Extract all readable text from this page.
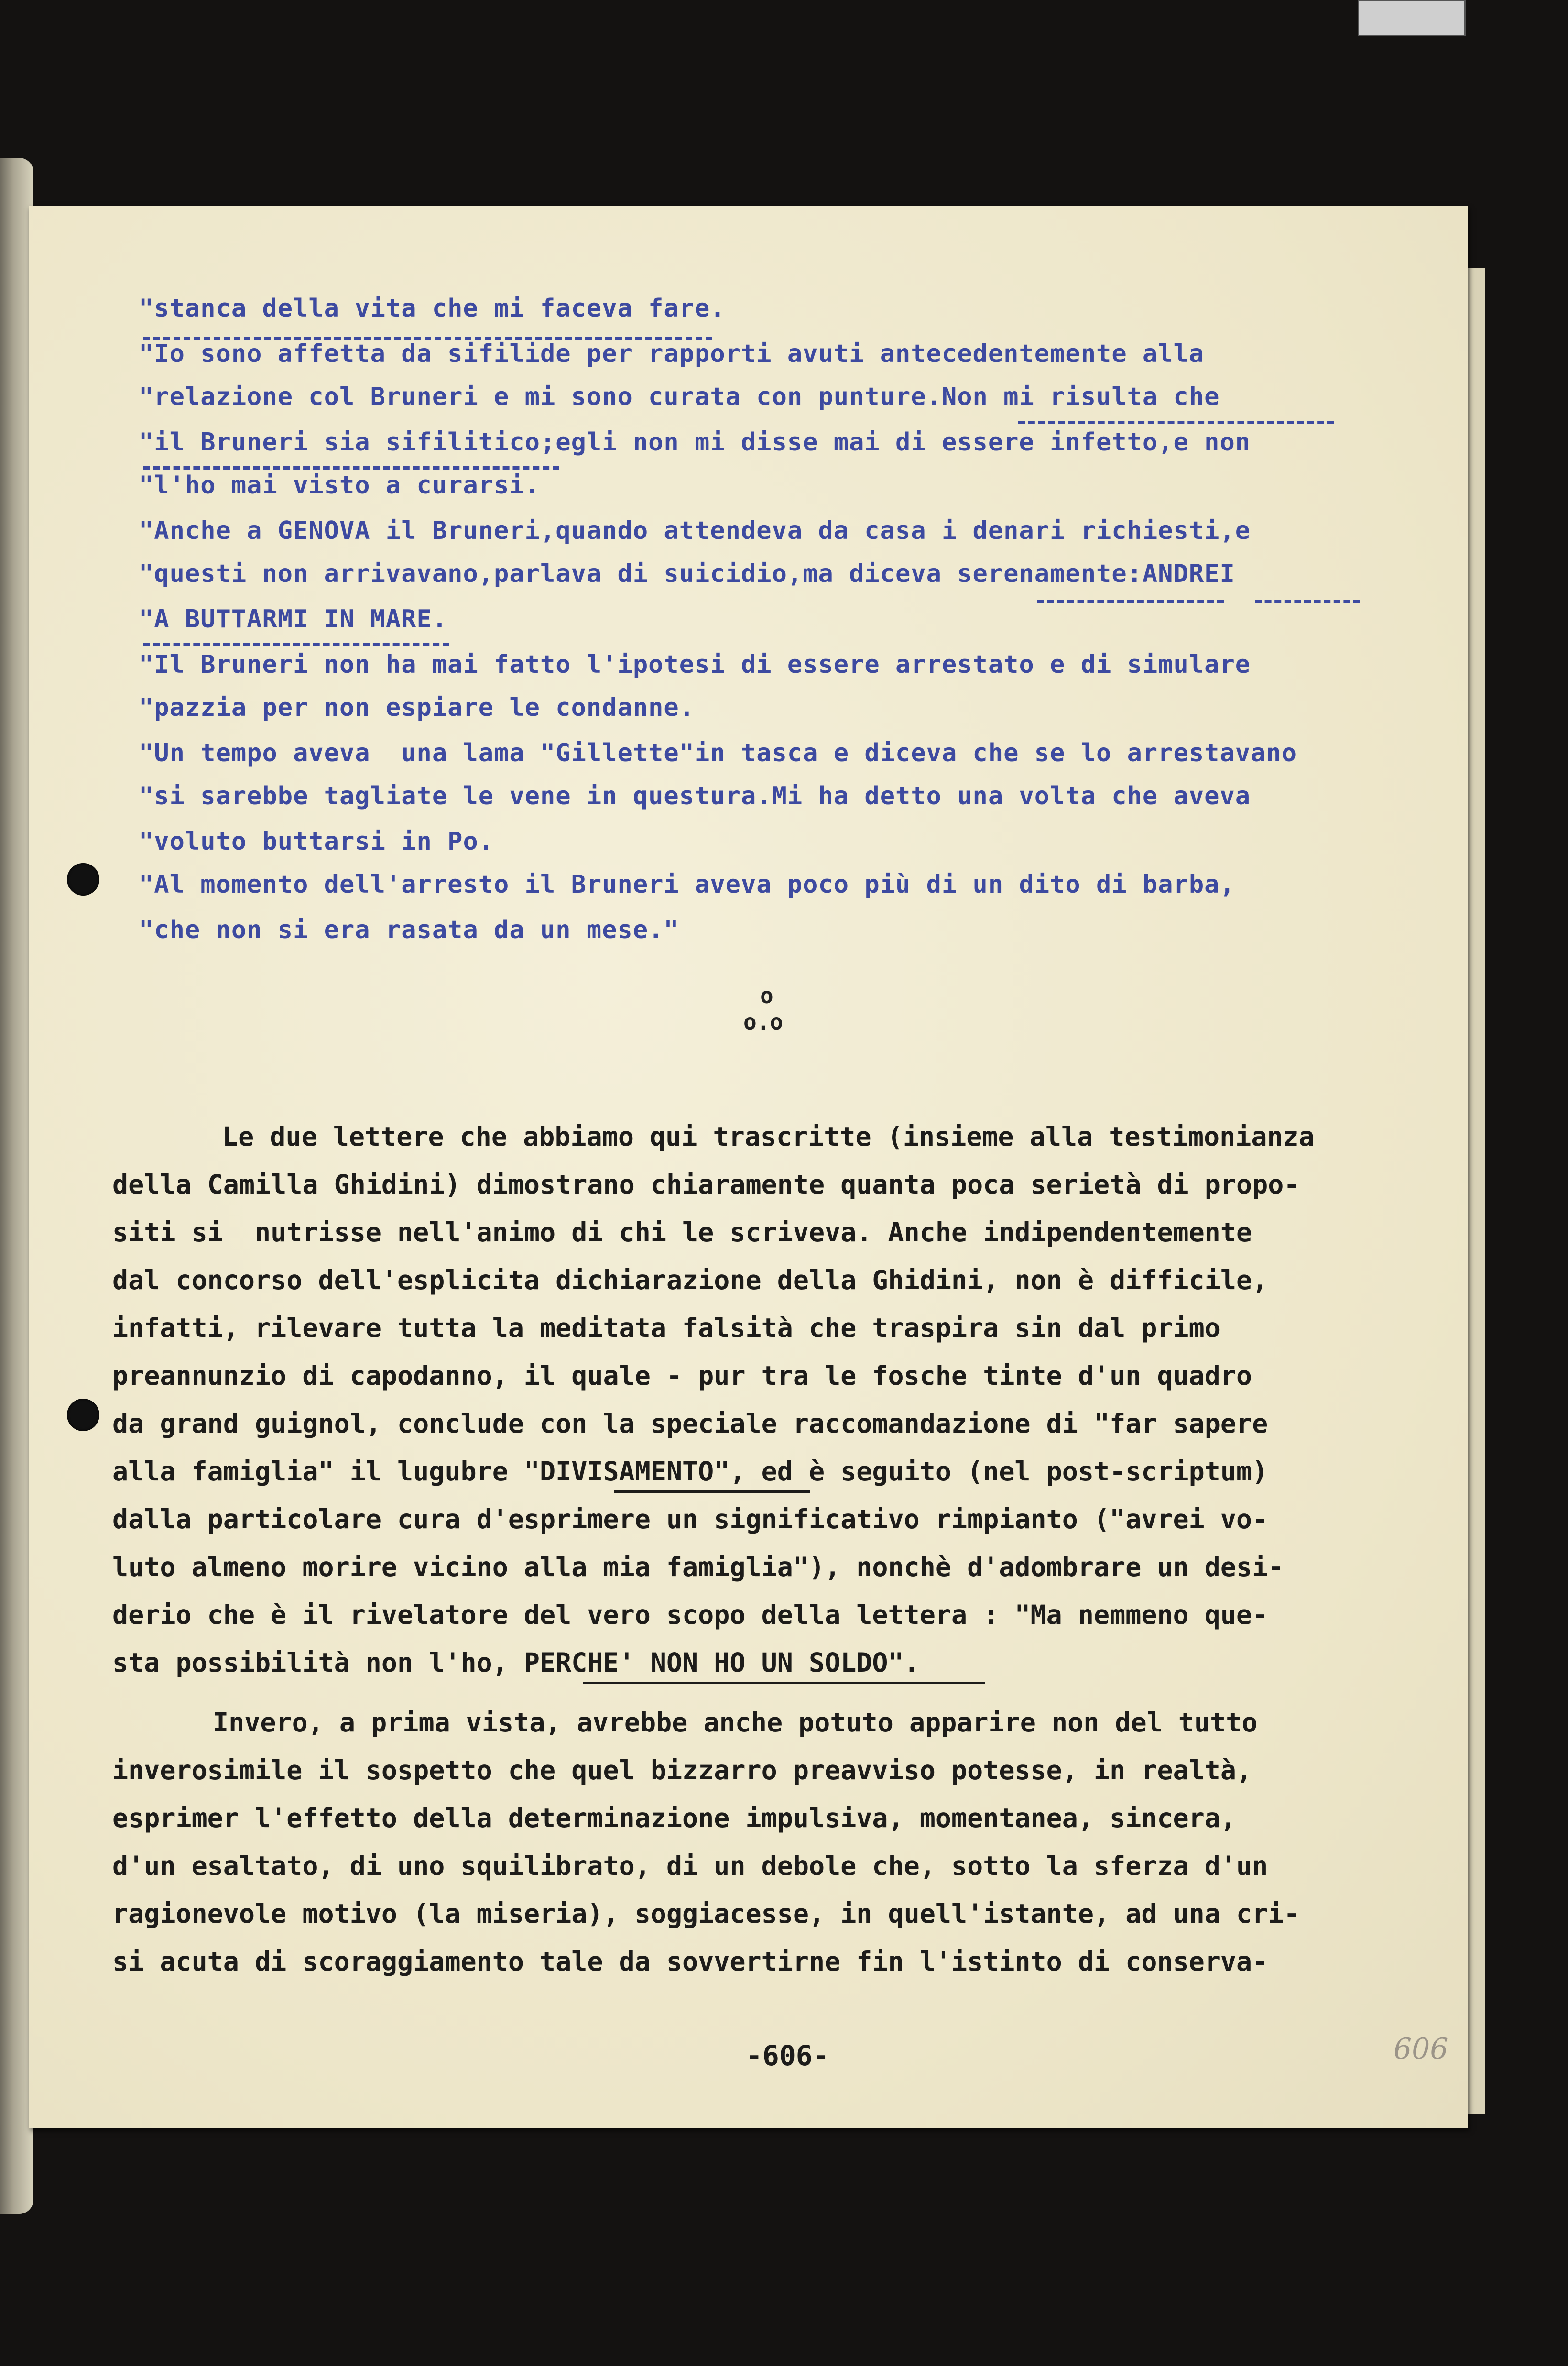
"stanca della vita che mi faceva fare.

"Io sono affetta da sifilide per rapporti avuti antecedentemente alla

"relazione col Bruneri e mi sono curata con punture.Non mi risulta che

"il Bruneri sia sifilitico;egli non mi disse mai di essere infetto,e non

"l'ho mai visto a curarsi.

"Anche a GENOVA il Bruneri,quando attendeva da casa i denari richiesti,e

"questi non arrivavano,parlava di suicidio,ma diceva serenamente:ANDREI

"A BUTTARMI IN MARE.

"Il Bruneri non ha mai fatto l'ipotesi di essere arrestato e di simulare

"pazzia per non espiare le condanne.

"Un tempo aveva  una lama "Gillette"in tasca e diceva che se lo arrestavano

"si sarebbe tagliate le vene in questura.Mi ha detto una volta che aveva

"voluto buttarsi in Po.

"Al momento dell'arresto il Bruneri aveva poco più di un dito di barba,

"che non si era rasata da un mese."

o
o.o

Le due lettere che abbiamo qui trascritte (insieme alla testimonianza

della Camilla Ghidini) dimostrano chiaramente quanta poca serietà di propo-

siti si  nutrisse nell'animo di chi le scriveva. Anche indipendentemente

dal concorso dell'esplicita dichiarazione della Ghidini, non è difficile,

infatti, rilevare tutta la meditata falsità che traspira sin dal primo

preannunzio di capodanno, il quale - pur tra le fosche tinte d'un quadro

da grand guignol, conclude con la speciale raccomandazione di "far sapere

alla famiglia" il lugubre "DIVISAMENTO", ed è seguito (nel post-scriptum)

dalla particolare cura d'esprimere un significativo rimpianto ("avrei vo-

luto almeno morire vicino alla mia famiglia"), nonchè d'adombrare un desi-

derio che è il rivelatore del vero scopo della lettera : "Ma nemmeno que-

sta possibilità non l'ho, PERCHE' NON HO UN SOLDO".

Invero, a prima vista, avrebbe anche potuto apparire non del tutto

inverosimile il sospetto che quel bizzarro preavviso potesse, in realtà,

esprimer l'effetto della determinazione impulsiva, momentanea, sincera,

d'un esaltato, di uno squilibrato, di un debole che, sotto la sferza d'un

ragionevole motivo (la miseria), soggiacesse, in quell'istante, ad una cri-

si acuta di scoraggiamento tale da sovvertirne fin l'istinto di conserva-

-606-	606
